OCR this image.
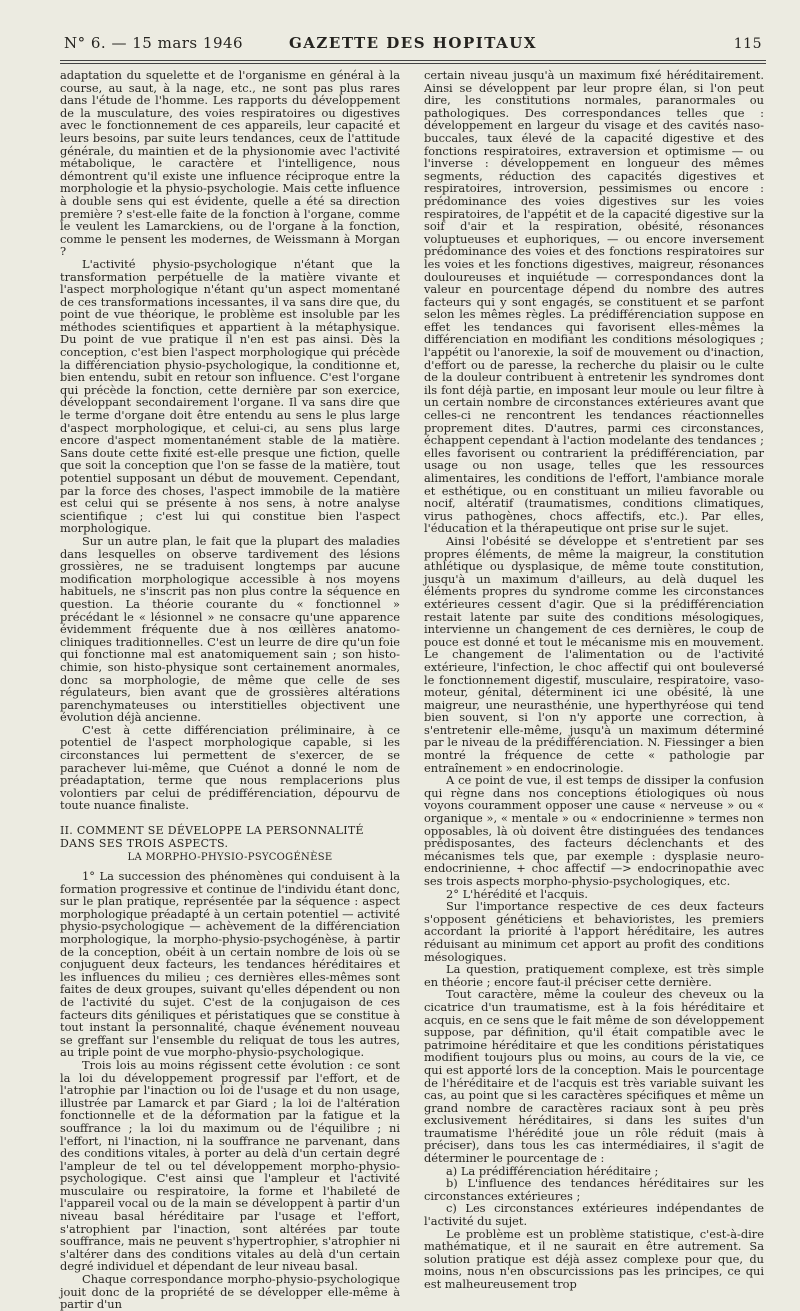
N° 6. — 15 mars 1946	GAZETTE DES HOPITAUX	115

adaptation du squelette et de l'organisme en général à la course, au saut, à la nage, etc., ne sont pas plus rares dans l'étude de l'homme. Les rapports du développement de la musculature, des voies respiratoires ou digestives avec le fonctionnement de ces appareils, leur capacité et leurs besoins, par suite leurs tendances, ceux de l'attitude générale, du maintien et de la physionomie avec l'activité métabolique, le caractère et l'intelligence, nous démontrent qu'il existe une influence réciproque entre la morphologie et la physio-psychologie. Mais cette influence à double sens qui est évidente, quelle a été sa direction première ? s'est-elle faite de la fonction à l'organe, comme le veulent les Lamarckiens, ou de l'organe à la fonction, comme le pensent les modernes, de Weissmann à Morgan ?

L'activité physio-psychologique n'étant que la transformation perpétuelle de la matière vivante et l'aspect morphologique n'étant qu'un aspect momentané de ces transformations incessantes, il va sans dire que, du point de vue théorique, le problème est insoluble par les méthodes scientifiques et appartient à la métaphysique. Du point de vue pratique il n'en est pas ainsi. Dès la conception, c'est bien l'aspect morphologique qui précède la différenciation physio-psychologique, la conditionne et, bien entendu, subit en retour son influence. C'est l'organe qui précède la fonction, cette dernière par son exercice, développant secondairement l'organe. Il va sans dire que le terme d'organe doit être entendu au sens le plus large d'aspect morphologique, et celui-ci, au sens plus large encore d'aspect momentanément stable de la matière. Sans doute cette fixité est-elle presque une fiction, quelle que soit la conception que l'on se fasse de la matière, tout potentiel supposant un début de mouvement. Cependant, par la force des choses, l'aspect immobile de la matière est celui qui se présente à nos sens, à notre analyse scientifique ; c'est lui qui constitue bien l'aspect morphologique.

Sur un autre plan, le fait que la plupart des maladies dans lesquelles on observe tardivement des lésions grossières, ne se traduisent longtemps par aucune modification morphologique accessible à nos moyens habituels, ne s'inscrit pas non plus contre la séquence en question. La théorie courante du « fonctionnel » précédant le « lésionnel » ne consacre qu'une apparence évidemment fréquente due à nos œillères anatomo-cliniques traditionnelles. C'est un leurre de dire qu'un foie qui fonctionne mal est anatomiquement sain ; son histo-chimie, son histo-physique sont certainement anormales, donc sa morphologie, de même que celle de ses régulateurs, bien avant que de grossières altérations parenchymateuses ou interstitielles objectivent une évolution déjà ancienne.

C'est à cette différenciation préliminaire, à ce potentiel de l'aspect morphologique capable, si les circonstances lui permettent de s'exercer, de se parachever lui-même, que Cuénot a donné le nom de préadaptation, terme que nous remplacerions plus volontiers par celui de prédifférenciation, dépourvu de toute nuance finaliste.

II. COMMENT SE DÉVELOPPE LA PERSONNALITÉ DANS SES TROIS ASPECTS.
LA MORPHO-PHYSIO-PSYCOGÉNÈSE

1° La succession des phénomènes qui conduisent à la formation progressive et continue de l'individu étant donc, sur le plan pratique, représentée par la séquence : aspect morphologique préadapté à un certain potentiel — activité physio-psychologique — achèvement de la différenciation morphologique, la morpho-physio-psychogénèse, à partir de la conception, obéit à un certain nombre de lois où se conjuguent deux facteurs, les tendances héréditaires et les influences du milieu ; ces dernières elles-mêmes sont faites de deux groupes, suivant qu'elles dépendent ou non de l'activité du sujet. C'est de la conjugaison de ces facteurs dits géniliques et péristatiques que se constitue à tout instant la personnalité, chaque événement nouveau se greffant sur l'ensemble du reliquat de tous les autres, au triple point de vue morpho-physio-psychologique.

Trois lois au moins régissent cette évolution : ce sont la loi du développement progressif par l'effort, et de l'atrophie par l'inaction ou loi de l'usage et du non usage, illustrée par Lamarck et par Giard ; la loi de l'altération fonctionnelle et de la déformation par la fatigue et la souffrance ; la loi du maximum ou de l'équilibre ; ni l'effort, ni l'inaction, ni la souffrance ne parvenant, dans des conditions vitales, à porter au delà d'un certain degré l'ampleur de tel ou tel développement morpho-physio-psychologique. C'est ainsi que l'ampleur et l'activité musculaire ou respiratoire, la forme et l'habileté de l'appareil vocal ou de la main se développent à partir d'un niveau basal héréditaire par l'usage et l'effort, s'atrophient par l'inaction, sont altérées par toute souffrance, mais ne peuvent s'hypertrophier, s'atrophier ni s'altérer dans des conditions vitales au delà d'un certain degré individuel et dépendant de leur niveau basal.

Chaque correspondance morpho-physio-psychologique jouit donc de la propriété de se développer elle-même à partir d'un

certain niveau jusqu'à un maximum fixé héréditairement. Ainsi se développent par leur propre élan, si l'on peut dire, les constitutions normales, paranormales ou pathologiques. Des correspondances telles que : développement en largeur du visage et des cavités naso-buccales, taux élevé de la capacité digestive et des fonctions respiratoires, extraversion et optimisme — ou l'inverse : développement en longueur des mêmes segments, réduction des capacités digestives et respiratoires, introversion, pessimismes ou encore : prédominance des voies digestives sur les voies respiratoires, de l'appétit et de la capacité digestive sur la soif d'air et la respiration, obésité, résonances voluptueuses et euphoriques, — ou encore inversement prédominance des voies et des fonctions respiratoires sur les voies et les fonctions digestives, maigreur, résonances douloureuses et inquiétude — correspondances dont la valeur en pourcentage dépend du nombre des autres facteurs qui y sont engagés, se constituent et se parfont selon les mêmes règles. La prédifférenciation suppose en effet les tendances qui favorisent elles-mêmes la différenciation en modifiant les conditions mésologiques ; l'appétit ou l'anorexie, la soif de mouvement ou d'inaction, d'effort ou de paresse, la recherche du plaisir ou le culte de la douleur contribuent à entretenir les syndromes dont ils font déjà partie, en imposant leur moule ou leur filtre à un certain nombre de circonstances extérieures avant que celles-ci ne rencontrent les tendances réactionnelles proprement dites. D'autres, parmi ces circonstances, échappent cependant à l'action modelante des tendances ; elles favorisent ou contrarient la prédifférenciation, par usage ou non usage, telles que les ressources alimentaires, les conditions de l'effort, l'ambiance morale et esthétique, ou en constituant un milieu favorable ou nocif, altératif (traumatismes, conditions climatiques, virus pathogènes, chocs affectifs, etc.). Par elles, l'éducation et la thérapeutique ont prise sur le sujet.

Ainsi l'obésité se développe et s'entretient par ses propres éléments, de même la maigreur, la constitution athlétique ou dysplasique, de même toute constitution, jusqu'à un maximum d'ailleurs, au delà duquel les éléments propres du syndrome comme les circonstances extérieures cessent d'agir. Que si la prédifférenciation restait latente par suite des conditions mésologiques, intervienne un changement de ces dernières, le coup de pouce est donné et tout le mécanisme mis en mouvement. Le changement de l'alimentation ou de l'activité extérieure, l'infection, le choc affectif qui ont bouleversé le fonctionnement digestif, musculaire, respiratoire, vaso-moteur, génital, déterminent ici une obésité, là une maigreur, une neurasthénie, une hyperthyréose qui tend bien souvent, si l'on n'y apporte une correction, à s'entretenir elle-même, jusqu'à un maximum déterminé par le niveau de la prédifférenciation. N. Fiessinger a bien montré la fréquence de cette « pathologie par entraînement » en endocrinologie.

A ce point de vue, il est temps de dissiper la confusion qui règne dans nos conceptions étiologiques où nous voyons couramment opposer une cause « nerveuse » ou « organique », « mentale » ou « endocrinienne » termes non opposables, là où doivent être distinguées des tendances prédisposantes, des facteurs déclenchants et des mécanismes tels que, par exemple : dysplasie neuro-endocrinienne, + choc affectif —> endocrinopathie avec ses trois aspects morpho-physio-psychologiques, etc.

2° L'hérédité et l'acquis.

Sur l'importance respective de ces deux facteurs s'opposent généticiens et behavioristes, les premiers accordant la priorité à l'apport héréditaire, les autres réduisant au minimum cet apport au profit des conditions mésologiques.

La question, pratiquement complexe, est très simple en théorie ; encore faut-il préciser cette dernière.

Tout caractère, même la couleur des cheveux ou la cicatrice d'un traumatisme, est à la fois héréditaire et acquis, en ce sens que le fait même de son développement suppose, par définition, qu'il était compatible avec le patrimoine héréditaire et que les conditions péristatiques modifient toujours plus ou moins, au cours de la vie, ce qui est apporté lors de la conception. Mais le pourcentage de l'héréditaire et de l'acquis est très variable suivant les cas, au point que si les caractères spécifiques et même un grand nombre de caractères raciaux sont à peu près exclusivement héréditaires, si dans les suites d'un traumatisme l'hérédité joue un rôle réduit (mais à préciser), dans tous les cas intermédiaires, il s'agit de déterminer le pourcentage de :

a) La prédifférenciation héréditaire ;

b) L'influence des tendances héréditaires sur les circonstances extérieures ;

c) Les circonstances extérieures indépendantes de l'activité du sujet.

Le problème est un problème statistique, c'est-à-dire mathématique, et il ne saurait en être autrement. Sa solution pratique est déjà assez complexe pour que, du moins, nous n'en obscurcissions pas les principes, ce qui est malheureusement trop
